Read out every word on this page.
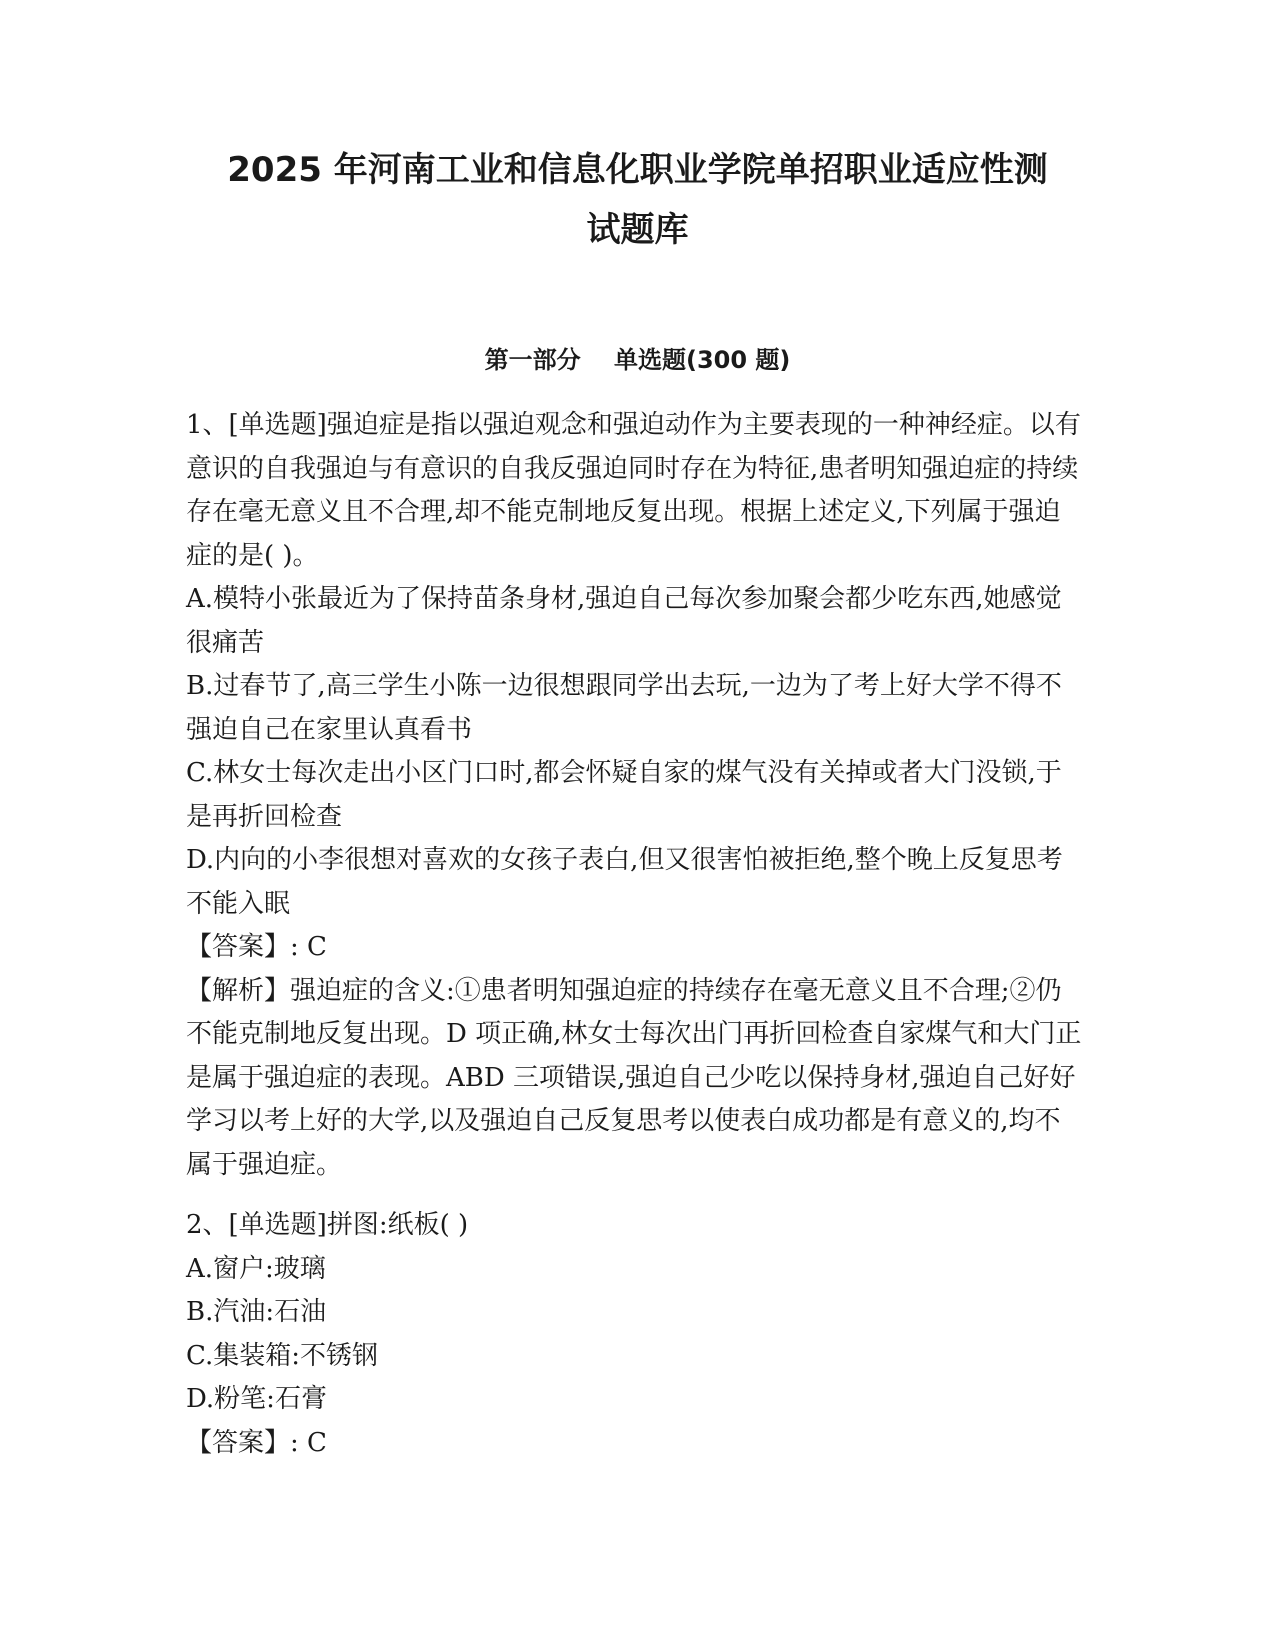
2025 年河南工业和信息化职业学院单招职业适应性测
试题库
第一部分    单选题(300 题)

1、[单选题]强迫症是指以强迫观念和强迫动作为主要表现的一种神经症。以有意识的自我强迫与有意识的自我反强迫同时存在为特征,患者明知强迫症的持续存在毫无意义且不合理,却不能克制地反复出现。根据上述定义,下列属于强迫症的是( )。

A.模特小张最近为了保持苗条身材,强迫自己每次参加聚会都少吃东西,她感觉很痛苦

B.过春节了,高三学生小陈一边很想跟同学出去玩,一边为了考上好大学不得不强迫自己在家里认真看书

C.林女士每次走出小区门口时,都会怀疑自家的煤气没有关掉或者大门没锁,于是再折回检查

D.内向的小李很想对喜欢的女孩子表白,但又很害怕被拒绝,整个晚上反复思考不能入眠

【答案】: C

【解析】强迫症的含义:①患者明知强迫症的持续存在毫无意义且不合理;②仍不能克制地反复出现。D 项正确,林女士每次出门再折回检查自家煤气和大门正是属于强迫症的表现。ABD 三项错误,强迫自己少吃以保持身材,强迫自己好好学习以考上好的大学,以及强迫自己反复思考以使表白成功都是有意义的,均不属于强迫症。

2、[单选题]拼图:纸板( )

A.窗户:玻璃

B.汽油:石油

C.集装箱:不锈钢

D.粉笔:石膏

【答案】: C
